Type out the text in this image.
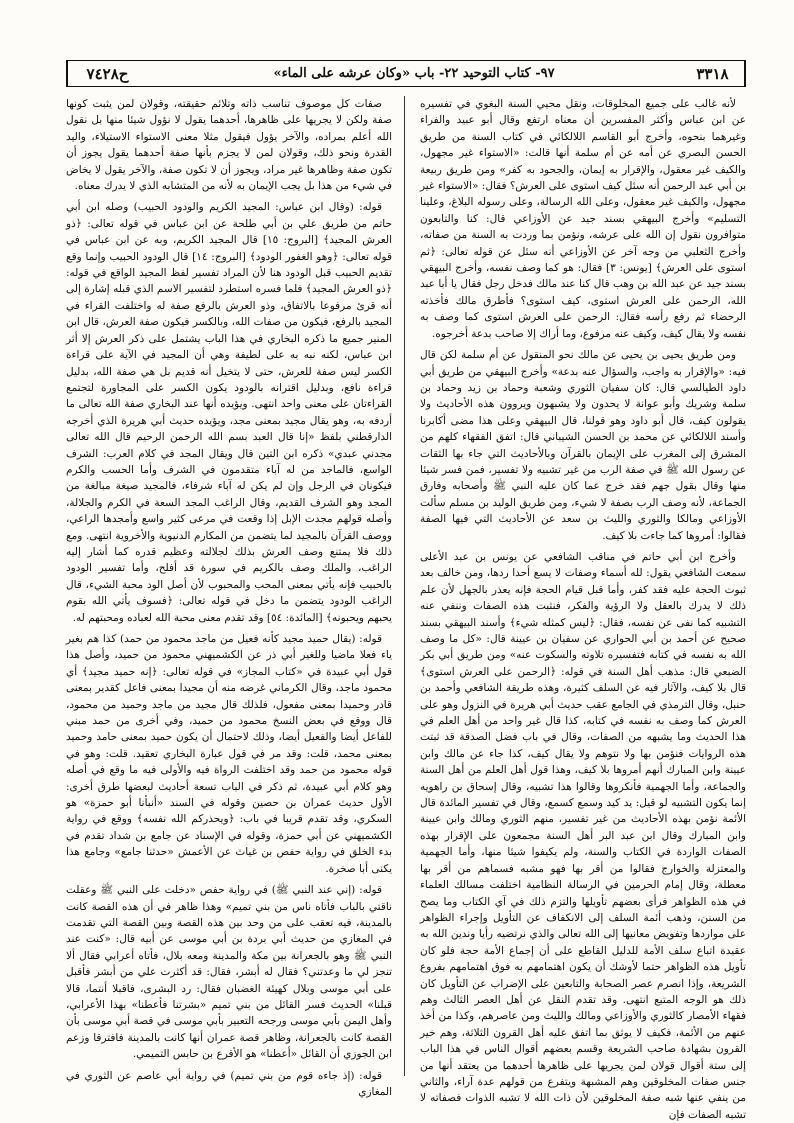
ح٧٤٢٨	٩٧- كتاب التوحيد ٢٢- باب «وكان عرشه على الماء»	٣٣١٨

لأنه غالب على جميع المخلوقات، ونقل محيي السنة البغوي في تفسيره عن ابن عباس وأكثر المفسرين أن معناه ارتفع وقال أبو عبيد والفراء وغيرهما بنحوه، وأخرج أبو القاسم اللالكائي في كتاب السنة من طريق الحسن البصري عن أمه عن أم سلمة أنها قالت: «الاستواء غير مجهول، والكيف غير معقول، والإقرار به إيمان، والجحود به كفر» ومن طريق ربيعة بن أبي عبد الرحمن أنه سئل كيف استوى على العرش؟ فقال: «الاستواء غير مجهول، والكيف غير معقول، وعلى الله الرسالة، وعلى رسوله البلاغ، وعلينا التسليم» وأخرج البيهقي بسند جيد عن الأوزاعي قال: كنا والتابعون متوافرون نقول إن الله على عرشه، ونؤمن بما وردت به السنة من صفاته، وأخرج الثعلبي من وجه آخر عن الأوزاعي أنه سئل عن قوله تعالى: ﴿ثم استوى على العرش﴾ [يونس: ٣] فقال: هو كما وصف نفسه، وأخرج البيهقي بسند جيد عن عبد الله بن وهب قال كنا عند مالك فدخل رجل فقال يا أبا عبد الله، الرحمن على العرش استوى، كيف استوى؟ فأطرق مالك فأخذته الرحضاء ثم رفع رأسه فقال: الرحمن على العرش استوى كما وصف به نفسه ولا يقال كيف، وكيف عنه مرفوع، وما أراك إلا صاحب بدعة أخرجوه.

ومن طريق يحيى بن يحيى عن مالك نحو المنقول عن أم سلمة لكن قال فيه: «والإقرار به واجب، والسؤال عنه بدعة» وأخرج البيهقي من طريق أبي داود الطيالسي قال: كان سفيان الثوري وشعبة وحماد بن زيد وحماد بن سلمة وشريك وأبو عوانة لا يحدون ولا يشبهون ويروون هذه الأحاديث ولا يقولون كيف، قال أبو داود وهو قولنا، قال البيهقي وعلى هذا مضى أكابرنا وأسند اللالكائي عن محمد بن الحسن الشيباني قال: اتفق الفقهاء كلهم من المشرق إلى المغرب على الإيمان بالقرآن وبالأحاديث التي جاء بها الثقات عن رسول الله ﷺ في صفة الرب من غير تشبيه ولا تفسير، فمن فسر شيئا منها وقال بقول جهم فقد خرج عما كان عليه النبي ﷺ وأصحابه وفارق الجماعة، لأنه وصف الرب بصفة لا شيء، ومن طريق الوليد بن مسلم سألت الأوزاعي ومالكا والثوري والليث بن سعد عن الأحاديث التي فيها الصفة فقالوا: أمروها كما جاءت بلا كيف.

وأخرج ابن أبي حاتم في مناقب الشافعي عن يونس بن عبد الأعلى سمعت الشافعي يقول: لله أسماء وصفات لا يسع أحدا ردها، ومن خالف بعد ثبوت الحجة عليه فقد كفر، وأما قبل قيام الحجة فإنه يعذر بالجهل لأن علم ذلك لا يدرك بالعقل ولا الرؤية والفكر، فنثبت هذه الصفات وننفي عنه التشبيه كما نفى عن نفسه، فقال: ﴿ليس كمثله شيء﴾ وأسند البيهقي بسند صحيح عن أحمد بن أبي الحواري عن سفيان بن عيينة قال: «كل ما وصف الله به نفسه في كتابه فتفسيره تلاوته والسكوت عنه» ومن طريق أبي بكر الضبعي قال: مذهب أهل السنة في قوله: ﴿الرحمن على العرش استوى﴾ قال بلا كيف، والآثار فيه عن السلف كثيرة، وهذه طريقة الشافعي وأحمد بن حنبل، وقال الترمذي في الجامع عقب حديث أبي هريرة في النزول وهو على العرش كما وصف به نفسه في كتابه، كذا قال غير واحد من أهل العلم في هذا الحديث وما يشبهه من الصفات، وقال في باب فضل الصدقة قد ثبتت هذه الروايات فنؤمن بها ولا نتوهم ولا يقال كيف، كذا جاء عن مالك وابن عيينة وابن المبارك أنهم أمروها بلا كيف، وهذا قول أهل العلم من أهل السنة والجماعة، وأما الجهمية فأنكروها وقالوا هذا تشبيه، وقال إسحاق بن راهويه إنما يكون التشبيه لو قيل: يد كيد وسمع كسمع، وقال في تفسير المائدة قال الأئمة نؤمن بهذه الأحاديث من غير تفسير، منهم الثوري ومالك وابن عيينة وابن المبارك وقال ابن عبد البر أهل السنة مجمعون على الإقرار بهذه الصفات الواردة في الكتاب والسنة، ولم يكيفوا شيئا منها، وأما الجهمية والمعتزلة والخوارج فقالوا من أقر بها فهو مشبه فسماهم من أقر بها معطلة، وقال إمام الحرمين في الرسالة النظامية اختلفت مسالك العلماء في هذه الظواهر فرأى بعضهم تأويلها والتزم ذلك في آي الكتاب وما يصح من السنن، وذهب أئمة السلف إلى الانكفاف عن التأويل وإجراء الظواهر على مواردها وتفويض معانيها إلى الله تعالى والذي نرتضيه رأيا وندين الله به عقيدة اتباع سلف الأمة للدليل القاطع على أن إجماع الأمة حجة فلو كان تأويل هذه الظواهر حتما لأوشك أن يكون اهتمامهم به فوق اهتمامهم بفروع الشريعة، وإذا انصرم عصر الصحابة والتابعين على الإضراب عن التأويل كان ذلك هو الوجه المتبع انتهى. وقد تقدم النقل عن أهل العصر الثالث وهم فقهاء الأمصار كالثوري والأوزاعي ومالك والليث ومن عاصرهم، وكذا من أخذ عنهم من الأئمة، فكيف لا يوثق بما اتفق عليه أهل القرون الثلاثة، وهم خير القرون بشهادة صاحب الشريعة وقسم بعضهم أقوال الناس في هذا الباب إلى ستة أقوال قولان لمن يجريها على ظاهرها أحدهما من يعتقد أنها من جنس صفات المخلوقين وهم المشبهة ويتفرع من قولهم عدة آراء، والثاني من ينفي عنها شبه صفة المخلوقين لأن ذات الله لا تشبه الذوات فصفاته لا تشبه الصفات فإن

صفات كل موصوف تناسب ذاته وتلائم حقيقته، وقولان لمن يثبت كونها صفة ولكن لا يجريها على ظاهرها، أحدهما يقول لا نؤول شيئا منها بل نقول الله أعلم بمراده، والآخر يؤول فيقول مثلا معنى الاستواء الاستيلاء، واليد القدرة ونحو ذلك، وقولان لمن لا يجزم بأنها صفة أحدهما يقول يجوز أن تكون صفة وظاهرها غير مراد، ويجوز أن لا تكون صفة، والآخر يقول لا يخاض في شيء من هذا بل يجب الإيمان به لأنه من المتشابه الذي لا يدرك معناه.

قوله: (وقال ابن عباس: المجيد الكريم والودود الحبيب) وصله ابن أبي حاتم من طريق علي بن أبي طلحة عن ابن عباس في قوله تعالى: ﴿ذو العرش المجيد﴾ [البروج: ١٥] قال المجيد الكريم، وبه عن ابن عباس في قوله تعالى: ﴿وهو الغفور الودود﴾ [البروج: ١٤] قال الودود الحبيب وإنما وقع تقديم الحبيب قبل الودود هنا لأن المراد تفسير لفظ المجيد الواقع في قوله: ﴿ذو العرش المجيد﴾ فلما فسره استطرد لتفسير الاسم الذي قبله إشارة إلى أنه قرئ مرفوعا بالاتفاق، وذو العرش بالرفع صفة له واختلفت القراء في المجيد بالرفع، فيكون من صفات الله، وبالكسر فيكون صفة العرش، قال ابن المنير جميع ما ذكره البخاري في هذا الباب يشتمل على ذكر العرش إلا أثر ابن عباس، لكنه نبه به على لطيفة وهي أن المجيد في الآية على قراءة الكسر ليس صفة للعرش، حتى لا يتخيل أنه قديم بل هي صفة الله، بدليل قراءة نافع، وبدليل اقترانه بالودود يكون الكسر على المجاورة لتجتمع القراءتان على معنى واحد انتهى. ويؤيده أنها عند البخاري صفة الله تعالى ما أردفه به، وهو يقال مجيد بمعنى مجد، ويؤيده حديث أبي هريرة الذي أخرجه الدارقطني بلفظ «إنا قال العبد بسم الله الرحمن الرحيم قال الله تعالى مجدني عبدي» ذكره ابن التين قال ويقال المجد في كلام العرب: الشرف الواسع، فالماجد من له آباء متقدمون في الشرف وأما الحسب والكرم فيكونان في الرجل وإن لم يكن له آباء شرفاء، فالمجيد صيغة مبالغة من المجد وهو الشرف القديم، وقال الراغب المجد السعة في الكرم والجلالة، وأصله قولهم مجدت الإبل إذا وقعت في مرعى كثير واسع وأمجدها الراعي، ووصف القرآن بالمجيد لما يتضمن من المكارم الدنيوية والأخروية انتهى. ومع ذلك فلا يمتنع وصف العرش بذلك لجلالته وعظيم قدره كما أشار إليه الراغب، والملك وصف بالكريم في سورة قد أفلح، وأما تفسير الودود بالحبيب فإنه يأتي بمعنى المحب والمحبوب لأن أصل الود محبة الشيء، قال الراغب الودود يتضمن ما دخل في قوله تعالى: ﴿فسوف يأتي الله بقوم يحبهم ويحبونه﴾ [المائدة: ٥٤] وقد تقدم معنى محبة الله لعباده ومحبتهم له.

قوله: (يقال حميد مجيد كأنه فعيل من ماجد محمود من حمد) كذا هم بغير ياء فعلا ماضيا وللغير أبي ذر عن الكشميهني محمود من حميد، وأصل هذا قول أبي عبيدة في «كتاب المجاز» في قوله تعالى: ﴿إنه حميد مجيد﴾ أي محمود ماجد، وقال الكرماني غرضه منه أن مجيدا بمعنى فاعل كقدير بمعنى قادر وحميدا بمعنى مفعول، فلذلك قال مجيد من ماجد وحميد من محمود، قال ووقع في بعض النسخ محمود من حميد، وفي أخرى من حمد مبني للفاعل أيضا والفعيل أيضا، وذلك لاحتمال أن يكون حميد بمعنى حامد وحميد بمعنى محمد، قلت: وقد مر في قول عبارة البخاري تعقيد. قلت: وهو في قوله محمود من حمد وقد اختلفت الرواة فيه والأولى فيه ما وقع في أصله وهو كلام أبي عبيدة، ثم ذكر في الباب تسعة أحاديث لبعضها طرق أخرى: الأول حديث عمران بن حصين وقوله في السند «أنبأنا أبو حمزة» هو السكري، وقد تقدم قريبا في باب: ﴿ويحذركم الله نفسه﴾ ووقع في رواية الكشميهني عن أبي حمزة، وقوله في الإسناد عن جامع بن شداد تقدم في بدء الخلق في رواية حفص بن غياث عن الأعمش «حدثنا جامع» وجامع هذا يكنى أبا صخرة.

قوله: (إني عند النبي ﷺ) في رواية حفص «دخلت على النبي ﷺ وعقلت ناقتي بالباب فأتاه ناس من بني تميم» وهذا ظاهر في أن هذه القصة كانت بالمدينة، فيه تعقب على من وحد بين هذه القصة وبين القصة التي تقدمت في المغازي من حديث أبي بردة بن أبي موسى عن أبيه قال: «كنت عند النبي ﷺ وهو بالجعرانة بين مكة والمدينة ومعه بلال، فأتاه أعرابي فقال ألا تنجز لي ما وعدتني؟ فقال له أبشر، فقال: قد أكثرت علي من أبشر فأقبل على أبي موسى وبلال كهيئة الغضبان فقال: رد البشرى، فاقبلا أنتما، قالا قبلنا» الحديث فسر القائل من بني تميم «بشرتنا فأعطنا» بهذا الأعرابي، وأهل اليمن بأبي موسى ورجحه التعبير بأبي موسى في قصة أبي موسى بأن القصة كانت بالجعرانة، وظاهر قصة عمران أنها كانت بالمدينة فافترقا وزعم ابن الجوزي أن القائل «أعطنا» هو الأقرع بن حابس التميمي.

قوله: (إذ جاءه قوم من بني تميم) في رواية أبي عاصم عن الثوري في المغازي
